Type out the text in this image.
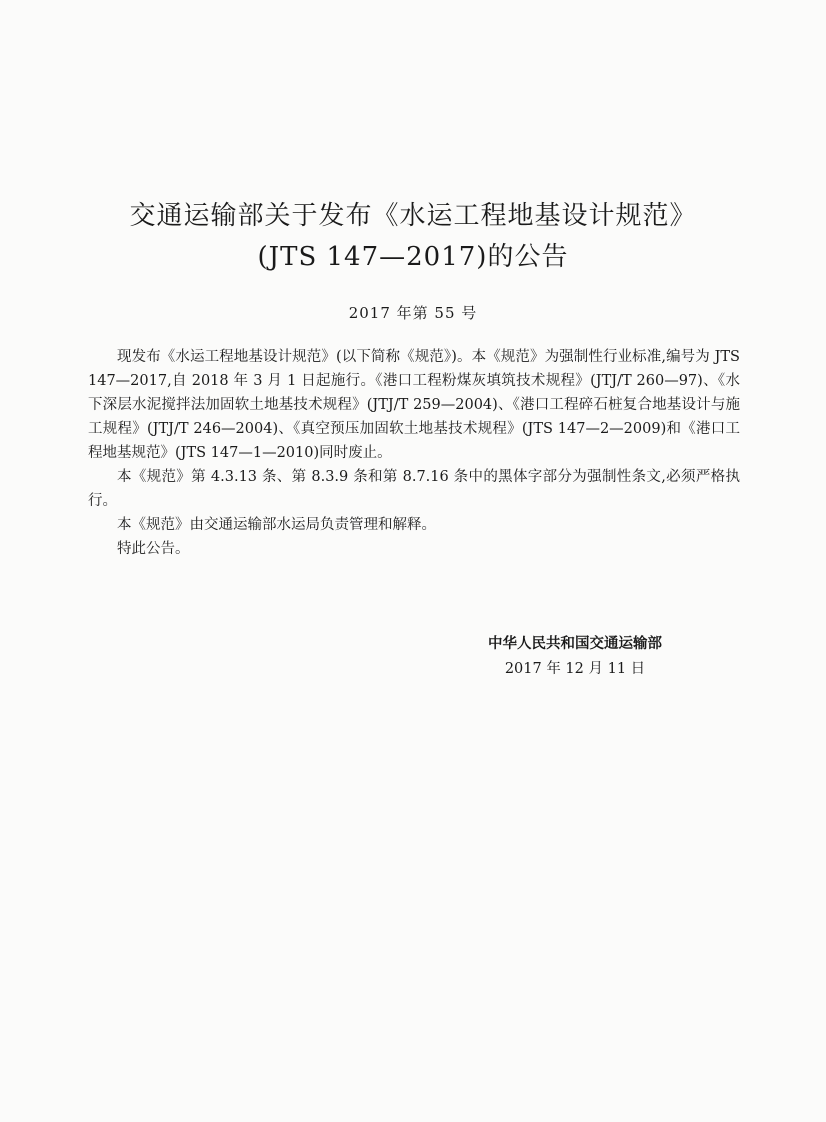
交通运输部关于发布《水运工程地基设计规范》
(JTS 147—2017)的公告
2017 年第 55 号

现发布《水运工程地基设计规范》(以下简称《规范》)。本《规范》为强制性行业标准,编号为 JTS 147—2017,自 2018 年 3 月 1 日起施行。《港口工程粉煤灰填筑技术规程》(JTJ/T 260—97)、《水下深层水泥搅拌法加固软土地基技术规程》(JTJ/T 259—2004)、《港口工程碎石桩复合地基设计与施工规程》(JTJ/T 246—2004)、《真空预压加固软土地基技术规程》(JTS 147—2—2009)和《港口工程地基规范》(JTS 147—1—2010)同时废止。

本《规范》第 4.3.13 条、第 8.3.9 条和第 8.7.16 条中的黑体字部分为强制性条文,必须严格执行。

本《规范》由交通运输部水运局负责管理和解释。

特此公告。

中华人民共和国交通运输部
2017 年 12 月 11 日
